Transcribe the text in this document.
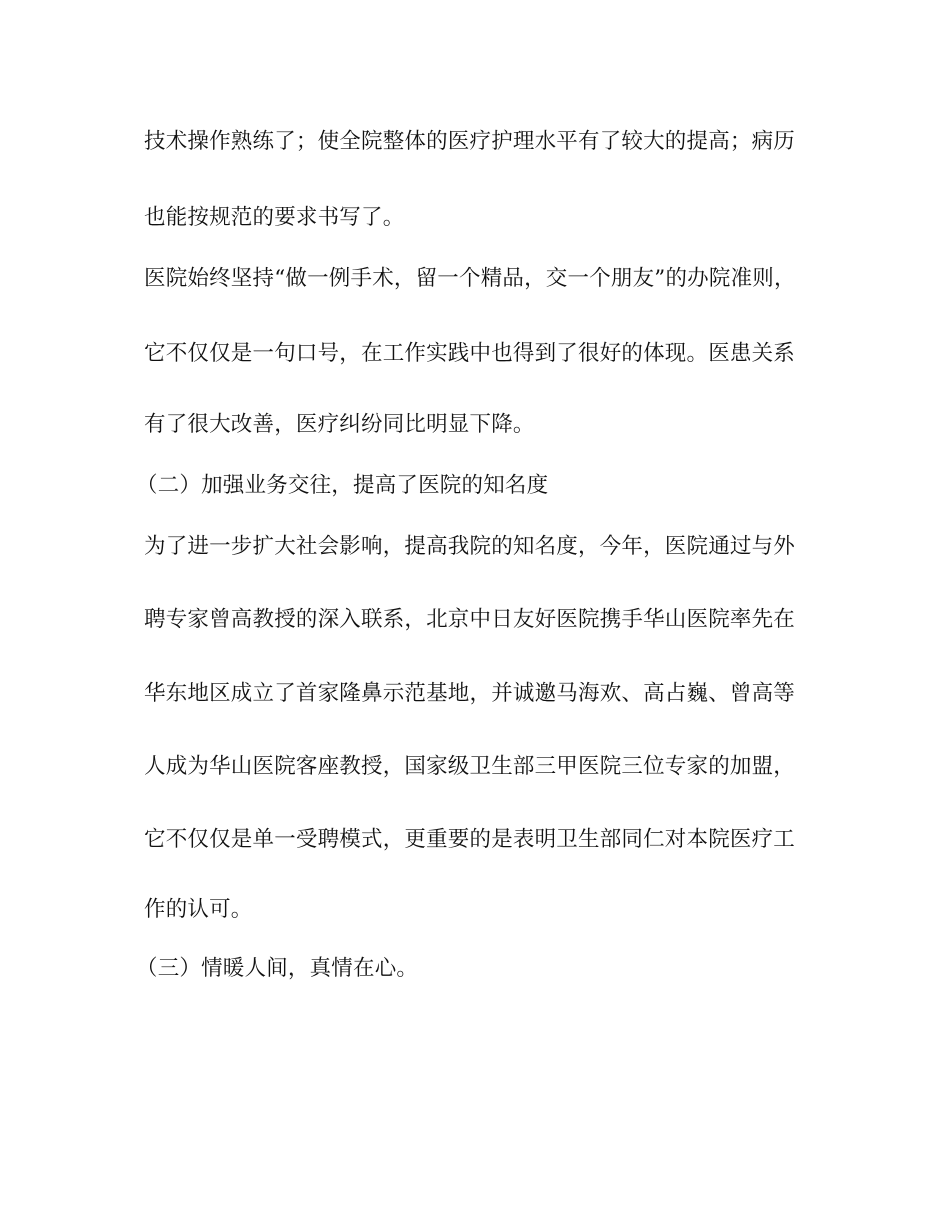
技术操作熟练了；使全院整体的医疗护理水平有了较大的提高；病历
也能按规范的要求书写了。
医院始终坚持“做一例手术，留一个精品，交一个朋友”的办院准则，
它不仅仅是一句口号，在工作实践中也得到了很好的体现。医患关系
有了很大改善，医疗纠纷同比明显下降。
（二）加强业务交往，提高了医院的知名度
为了进一步扩大社会影响，提高我院的知名度，今年，医院通过与外
聘专家曾高教授的深入联系，北京中日友好医院携手华山医院率先在
华东地区成立了首家隆鼻示范基地，并诚邀马海欢、高占巍、曾高等
人成为华山医院客座教授，国家级卫生部三甲医院三位专家的加盟，
它不仅仅是单一受聘模式，更重要的是表明卫生部同仁对本院医疗工
作的认可。
（三）情暖人间，真情在心。
